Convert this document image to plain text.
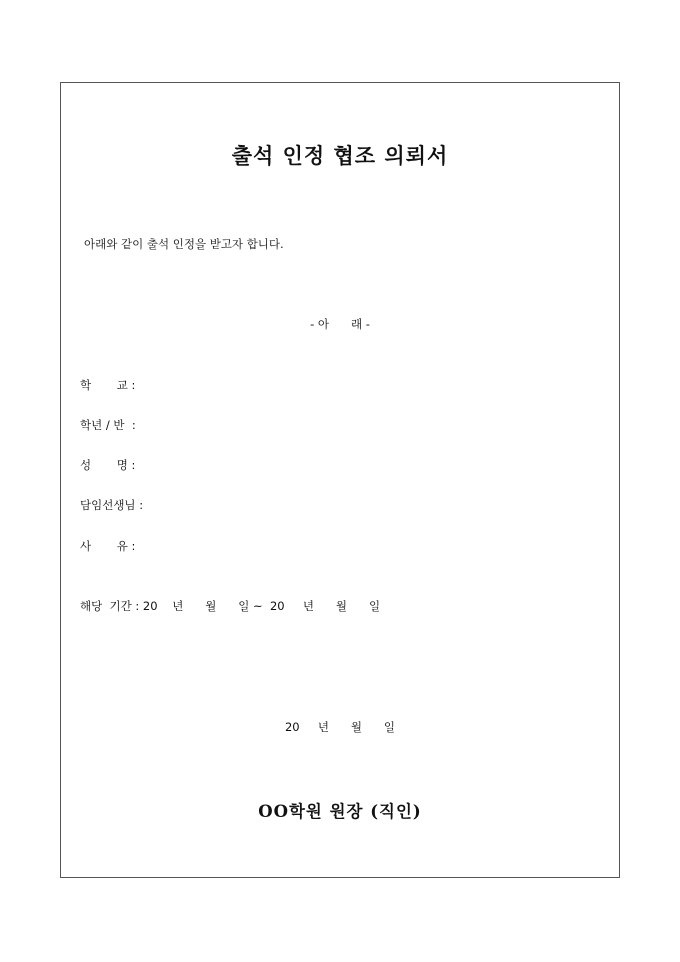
출석 인정 협조 의뢰서
아래와 같이 출석 인정을 받고자 합니다.
- 아      래 -
학       교 :
학년 / 반  :
성       명 :
담임선생님 :
사       유 :
해당  기간 : 20    년      월      일 ~  20     년      월      일
20     년      월      일
OO학원 원장 (직인)
